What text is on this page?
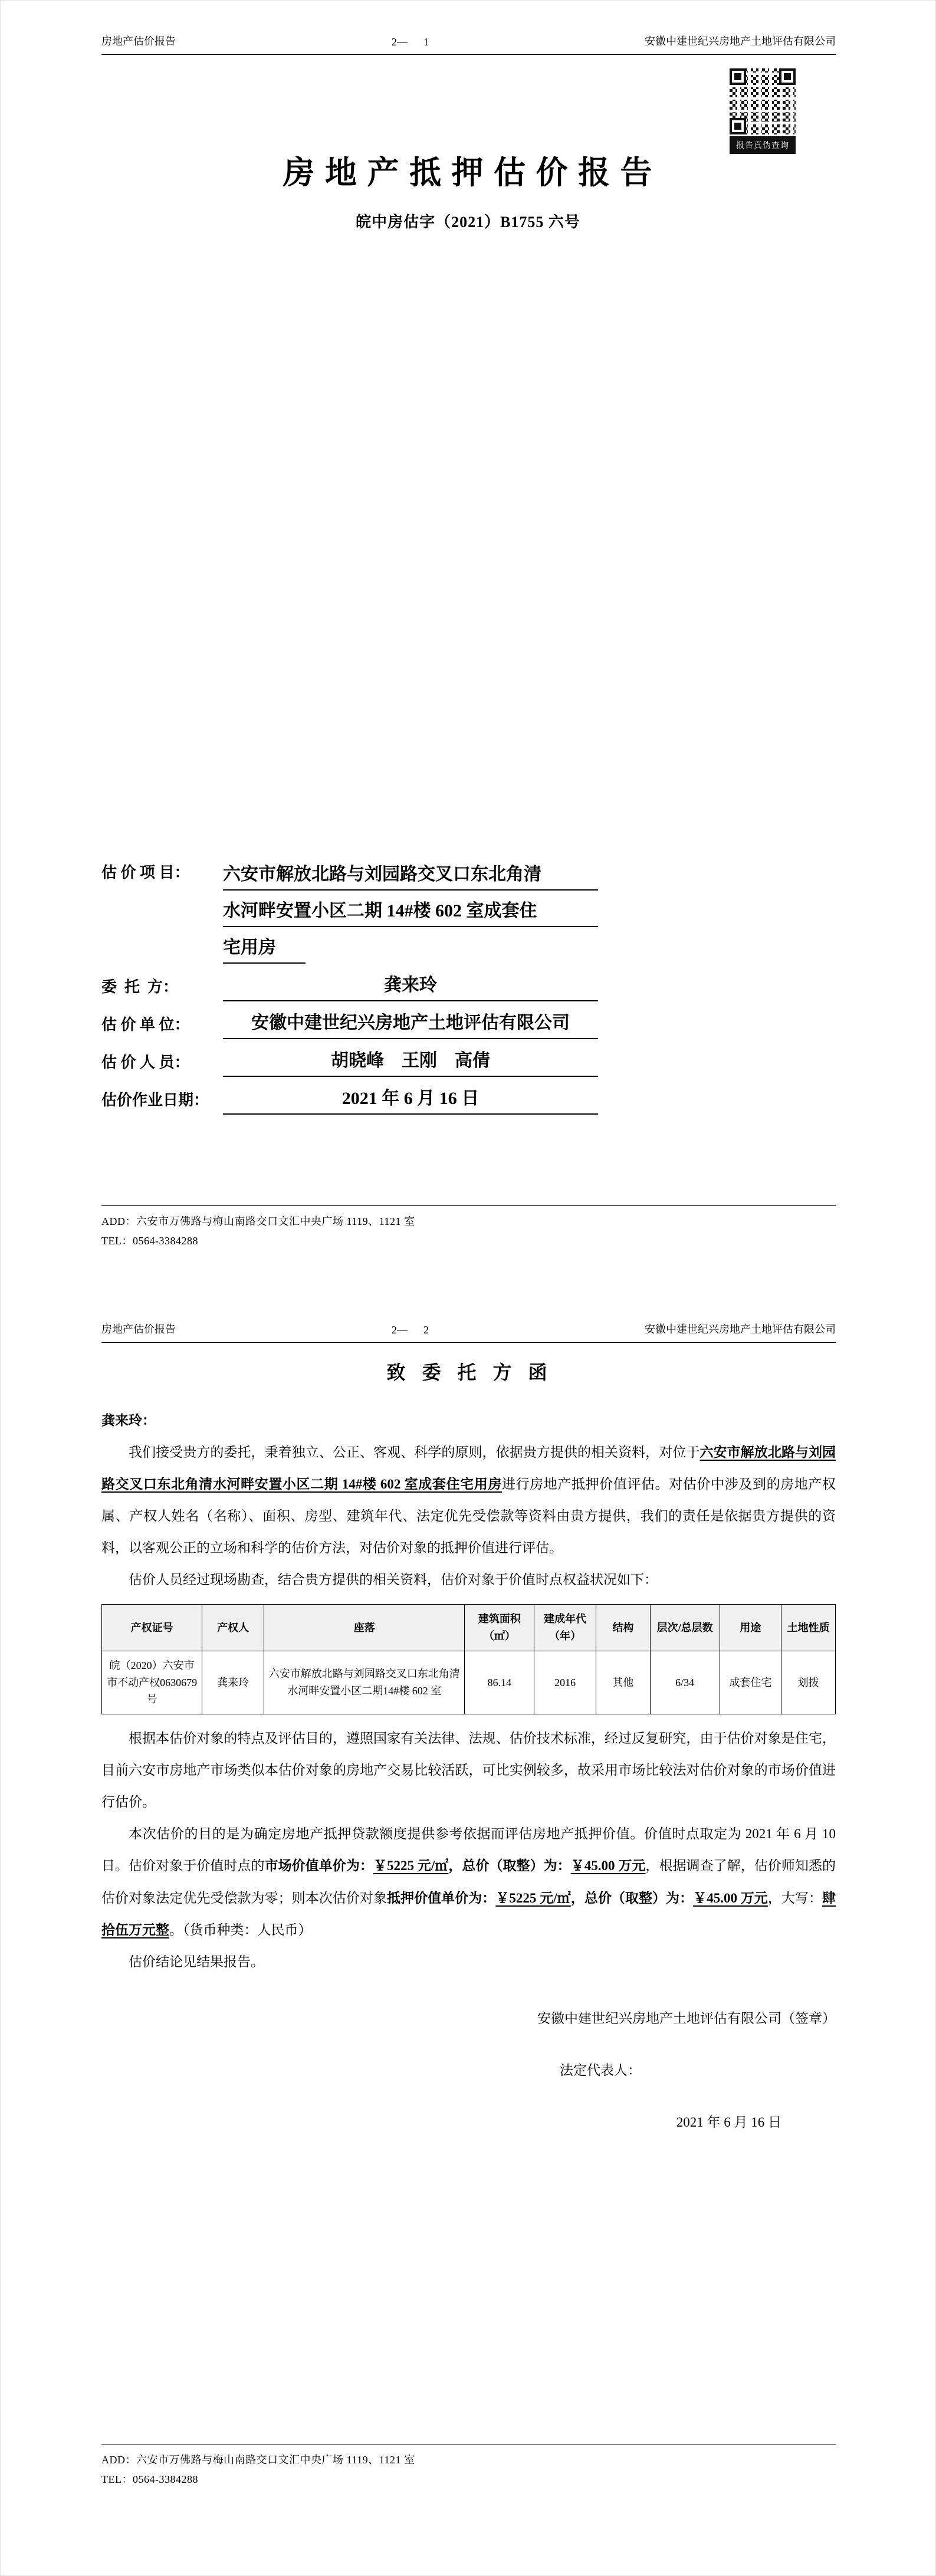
房地产估价报告	2—      1	安徽中建世纪兴房地产土地评估有限公司
报告真伪查询
房 地 产 抵 押 估 价 报 告
皖中房估字（2021）B1755 六号
估 价 项 目：	六安市解放北路与刘园路交叉口东北角清
水河畔安置小区二期 14#楼 602 室成套住
宅用房
委  托  方：	龚来玲
估 价 单 位：	安徽中建世纪兴房地产土地评估有限公司
估 价 人 员：	胡晓峰　王刚　高倩
估价作业日期：	2021 年 6 月 16 日
ADD：六安市万佛路与梅山南路交口文汇中央广场 1119、1121 室
TEL：0564-3384288
房地产估价报告	2—      2	安徽中建世纪兴房地产土地评估有限公司
致  委  托  方  函
龚来玲：

我们接受贵方的委托，秉着独立、公正、客观、科学的原则，依据贵方提供的相关资料，对位于六安市解放北路与刘园路交叉口东北角清水河畔安置小区二期 14#楼 602 室成套住宅用房进行房地产抵押价值评估。对估价中涉及到的房地产权属、产权人姓名（名称）、面积、房型、建筑年代、法定优先受偿款等资料由贵方提供，我们的责任是依据贵方提供的资料，以客观公正的立场和科学的估价方法，对估价对象的抵押价值进行评估。

估价人员经过现场勘查，结合贵方提供的相关资料，估价对象于价值时点权益状况如下：

产权证号	产权人	座落	建筑面积（㎡）	建成年代（年）	结构	层次/总层数	用途	土地性质
皖（2020）六安市市不动产权0630679 号	龚来玲	六安市解放北路与刘园路交叉口东北角清水河畔安置小区二期14#楼 602 室	86.14	2016	其他	6/34	成套住宅	划拨

根据本估价对象的特点及评估目的，遵照国家有关法律、法规、估价技术标准，经过反复研究，由于估价对象是住宅，目前六安市房地产市场类似本估价对象的房地产交易比较活跃，可比实例较多，故采用市场比较法对估价对象的市场价值进行估价。

本次估价的目的是为确定房地产抵押贷款额度提供参考依据而评估房地产抵押价值。价值时点取定为 2021 年 6 月 10 日。估价对象于价值时点的市场价值单价为：￥5225 元/㎡，总价（取整）为：￥45.00 万元，根据调查了解，估价师知悉的估价对象法定优先受偿款为零；则本次估价对象抵押价值单价为：￥5225 元/㎡，总价（取整）为：￥45.00 万元，大写：肆拾伍万元整。（货币种类：人民币）

估价结论见结果报告。

安徽中建世纪兴房地产土地评估有限公司（签章）
法定代表人：
2021 年 6 月 16 日
ADD：六安市万佛路与梅山南路交口文汇中央广场 1119、1121 室
TEL：0564-3384288
